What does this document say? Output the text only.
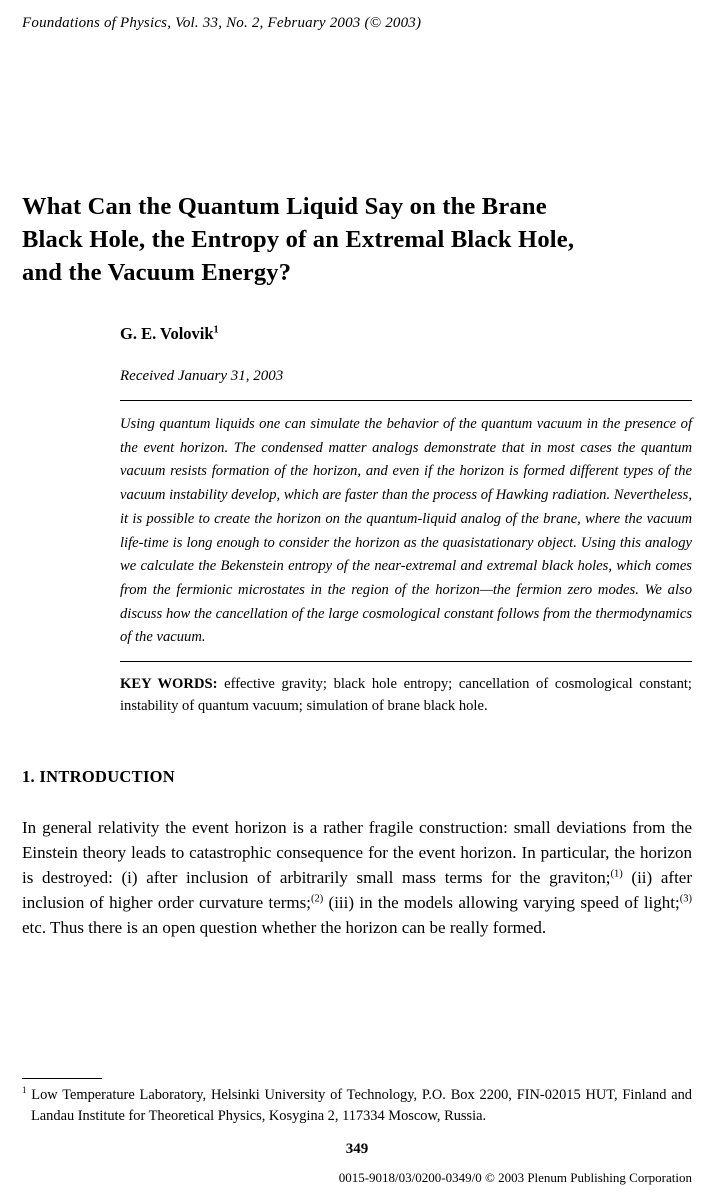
Foundations of Physics, Vol. 33, No. 2, February 2003 (© 2003)
What Can the Quantum Liquid Say on the Brane
Black Hole, the Entropy of an Extremal Black Hole,
and the Vacuum Energy?
G. E. Volovik$^1$
Received January 31, 2003

Using quantum liquids one can simulate the behavior of the quantum vacuum in the presence of the event horizon. The condensed matter analogs demonstrate that in most cases the quantum vacuum resists formation of the horizon, and even if the horizon is formed different types of the vacuum instability develop, which are faster than the process of Hawking radiation. Nevertheless, it is possible to create the horizon on the quantum-liquid analog of the brane, where the vacuum life-time is long enough to consider the horizon as the quasistationary object. Using this analogy we calculate the Bekenstein entropy of the near-extremal and extremal black holes, which comes from the fermionic microstates in the region of the horizon—the fermion zero modes. We also discuss how the cancellation of the large cosmological constant follows from the thermodynamics of the vacuum.

KEY WORDS: effective gravity; black hole entropy; cancellation of cosmological constant; instability of quantum vacuum; simulation of brane black hole.

1. INTRODUCTION

In general relativity the event horizon is a rather fragile construction: small deviations from the Einstein theory leads to catastrophic consequence for the event horizon. In particular, the horizon is destroyed: (i) after inclusion of arbitrarily small mass terms for the graviton;$^{(1)}$ (ii) after inclusion of higher order curvature terms;$^{(2)}$ (iii) in the models allowing varying speed of light;$^{(3)}$ etc. Thus there is an open question whether the horizon can be really formed.

$^1$ Low Temperature Laboratory, Helsinki University of Technology, P.O. Box 2200, FIN-02015 HUT, Finland and Landau Institute for Theoretical Physics, Kosygina 2, 117334 Moscow, Russia.

349
0015-9018/03/0200-0349/0 © 2003 Plenum Publishing Corporation
